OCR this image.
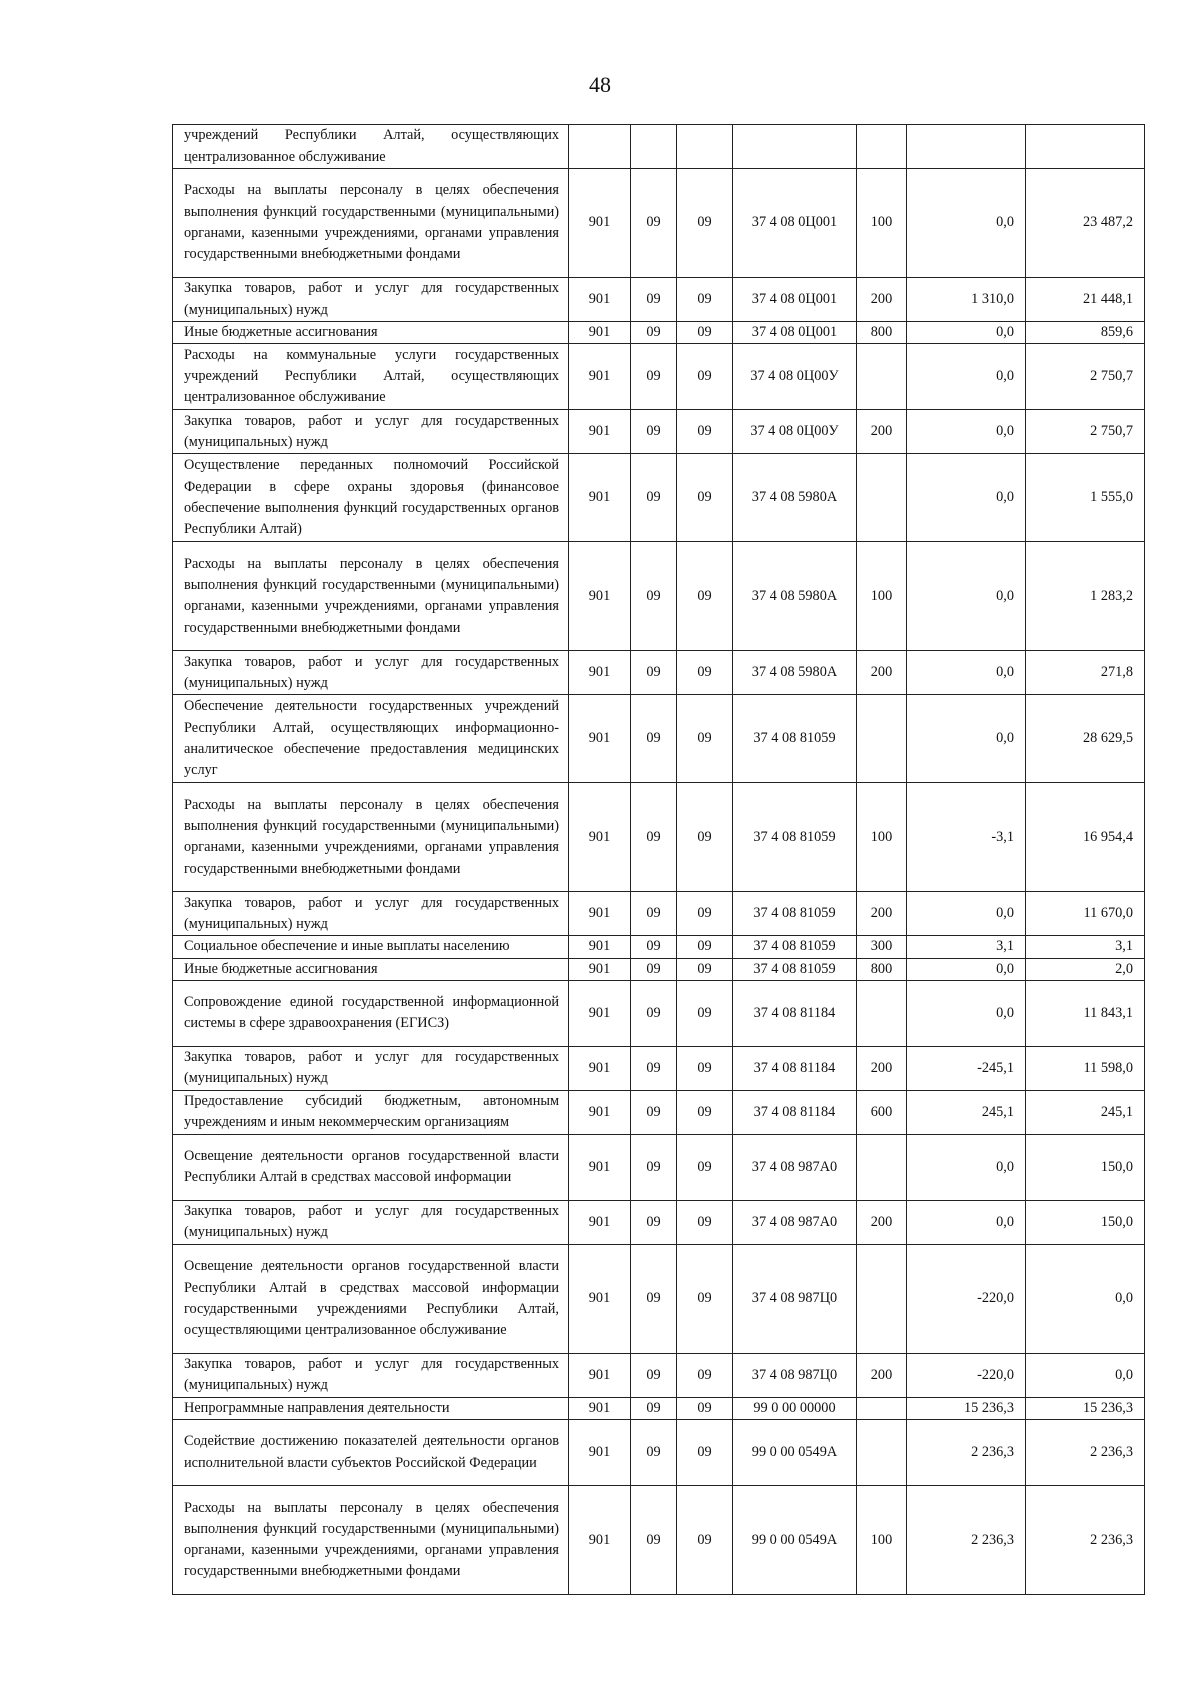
48
учреждений Республики Алтай, осуществляющих централизованное обслуживание							
Расходы на выплаты персоналу в целях обеспечения выполнения функций государственными (муниципальными) органами, казенными учреждениями, органами управления государственными внебюджетными фондами	901	09	09	37 4 08 0Ц001	100	0,0	23 487,2
Закупка товаров, работ и услуг для государственных (муниципальных) нужд	901	09	09	37 4 08 0Ц001	200	1 310,0	21 448,1
Иные бюджетные ассигнования	901	09	09	37 4 08 0Ц001	800	0,0	859,6
Расходы на коммунальные услуги государственных учреждений Республики Алтай, осуществляющих централизованное обслуживание	901	09	09	37 4 08 0Ц00У		0,0	2 750,7
Закупка товаров, работ и услуг для государственных (муниципальных) нужд	901	09	09	37 4 08 0Ц00У	200	0,0	2 750,7
Осуществление переданных полномочий Российской Федерации в сфере охраны здоровья (финансовое обеспечение выполнения функций государственных органов Республики Алтай)	901	09	09	37 4 08 5980А		0,0	1 555,0
Расходы на выплаты персоналу в целях обеспечения выполнения функций государственными (муниципальными) органами, казенными учреждениями, органами управления государственными внебюджетными фондами	901	09	09	37 4 08 5980А	100	0,0	1 283,2
Закупка товаров, работ и услуг для государственных (муниципальных) нужд	901	09	09	37 4 08 5980А	200	0,0	271,8
Обеспечение деятельности государственных учреждений Республики Алтай, осуществляющих информационно-аналитическое обеспечение предоставления медицинских услуг	901	09	09	37 4 08 81059		0,0	28 629,5
Расходы на выплаты персоналу в целях обеспечения выполнения функций государственными (муниципальными) органами, казенными учреждениями, органами управления государственными внебюджетными фондами	901	09	09	37 4 08 81059	100	-3,1	16 954,4
Закупка товаров, работ и услуг для государственных (муниципальных) нужд	901	09	09	37 4 08 81059	200	0,0	11 670,0
Социальное обеспечение и иные выплаты населению	901	09	09	37 4 08 81059	300	3,1	3,1
Иные бюджетные ассигнования	901	09	09	37 4 08 81059	800	0,0	2,0
Сопровождение единой государственной информационной системы в сфере здравоохранения (ЕГИСЗ)	901	09	09	37 4 08 81184		0,0	11 843,1
Закупка товаров, работ и услуг для государственных (муниципальных) нужд	901	09	09	37 4 08 81184	200	-245,1	11 598,0
Предоставление субсидий бюджетным, автономным учреждениям и иным некоммерческим организациям	901	09	09	37 4 08 81184	600	245,1	245,1
Освещение деятельности органов государственной власти Республики Алтай в средствах массовой информации	901	09	09	37 4 08 987А0		0,0	150,0
Закупка товаров, работ и услуг для государственных (муниципальных) нужд	901	09	09	37 4 08 987А0	200	0,0	150,0
Освещение деятельности органов государственной власти Республики Алтай в средствах массовой информации государственными учреждениями Республики Алтай, осуществляющими централизованное обслуживание	901	09	09	37 4 08 987Ц0		-220,0	0,0
Закупка товаров, работ и услуг для государственных (муниципальных) нужд	901	09	09	37 4 08 987Ц0	200	-220,0	0,0
Непрограммные направления деятельности	901	09	09	99 0 00 00000		15 236,3	15 236,3
Содействие достижению показателей деятельности органов исполнительной власти субъектов Российской Федерации	901	09	09	99 0 00 0549А		2 236,3	2 236,3
Расходы на выплаты персоналу в целях обеспечения выполнения функций государственными (муниципальными) органами, казенными учреждениями, органами управления государственными внебюджетными фондами	901	09	09	99 0 00 0549А	100	2 236,3	2 236,3
